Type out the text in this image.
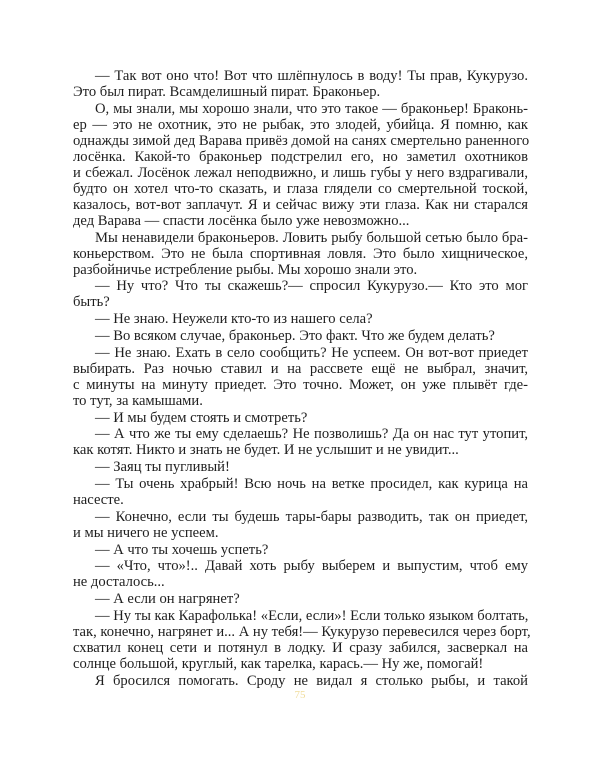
— Так вот оно что! Вот что шлёпнулось в воду! Ты прав, Кукурузо.
Это был пират. Всамделишный пират. Браконьер.
О, мы знали, мы хорошо знали, что это такое — браконьер! Браконь-
ер — это не охотник, это не рыбак, это злодей, убийца. Я помню, как
однажды зимой дед Варава привёз домой на санях смертельно раненного
лосёнка. Какой-то браконьер подстрелил его, но заметил охотников
и сбежал. Лосёнок лежал неподвижно, и лишь губы у него вздрагивали,
будто он хотел что-то сказать, и глаза глядели со смертельной тоской,
казалось, вот-вот заплачут. Я и сейчас вижу эти глаза. Как ни старался
дед Варава — спасти лосёнка было уже невозможно...
Мы ненавидели браконьеров. Ловить рыбу большой сетью было бра-
коньерством. Это не была спортивная ловля. Это было хищническое,
разбойничье истребление рыбы. Мы хорошо знали это.
— Ну что? Что ты скажешь?— спросил Кукурузо.— Кто это мог
быть?
— Не знаю. Неужели кто-то из нашего села?
— Во всяком случае, браконьер. Это факт. Что же будем делать?
— Не знаю. Ехать в село сообщить? Не успеем. Он вот-вот приедет
выбирать. Раз ночью ставил и на рассвете ещё не выбрал, значит,
с минуты на минуту приедет. Это точно. Может, он уже плывёт где-
то тут, за камышами.
— И мы будем стоять и смотреть?
— А что же ты ему сделаешь? Не позволишь? Да он нас тут утопит,
как котят. Никто и знать не будет. И не услышит и не увидит...
— Заяц ты пугливый!
— Ты очень храбрый! Всю ночь на ветке просидел, как курица на
насесте.
— Конечно, если ты будешь тары-бары разводить, так он приедет,
и мы ничего не успеем.
— А что ты хочешь успеть?
— «Что, что»!.. Давай хоть рыбу выберем и выпустим, чтоб ему
не досталось...
— А если он нагрянет?
— Ну ты как Карафолька! «Если, если»! Если только языком болтать,
так, конечно, нагрянет и... А ну тебя!— Кукурузо перевесился через борт,
схватил конец сети и потянул в лодку. И сразу забился, засверкал на
солнце большой, круглый, как тарелка, карась.— Ну же, помогай!
Я бросился помогать. Сроду не видал я столько рыбы, и такой
75
